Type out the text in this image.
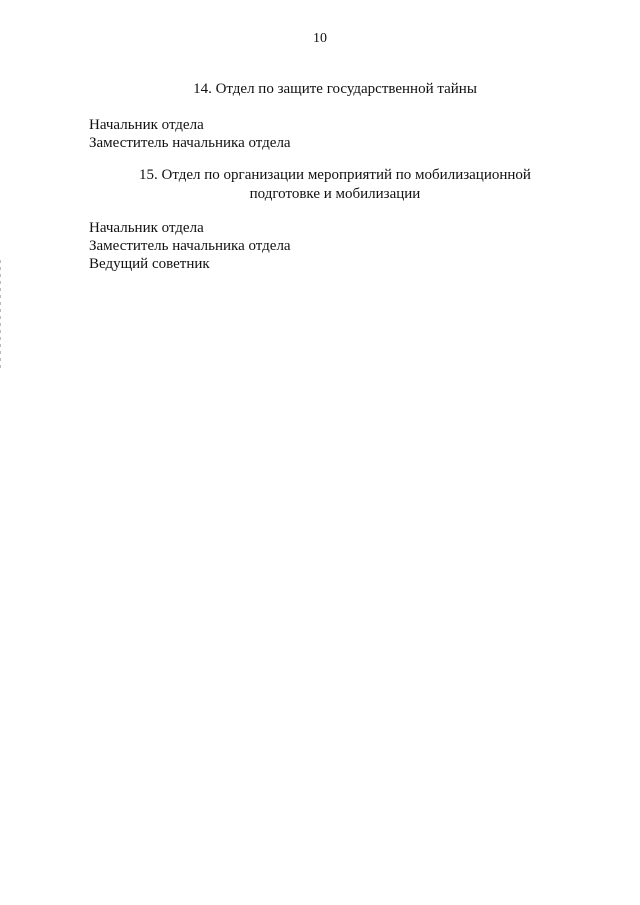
10
14. Отдел по защите государственной тайны
Начальник отдела
Заместитель начальника отдела
15. Отдел по организации мероприятий по мобилизационной
подготовке и мобилизации
Начальник отдела
Заместитель начальника отдела
Ведущий советник
